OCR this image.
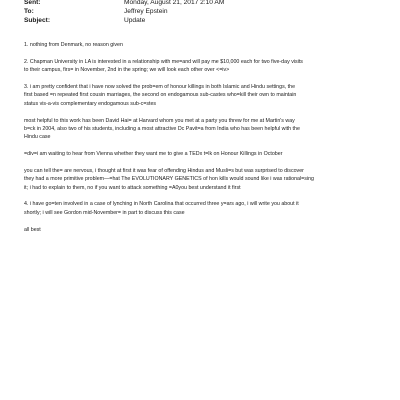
Sent:	Monday, August 21, 2017 2:10 AM
To:	Jeffrey Epstein
Subject:	Update

1. nothing from Denmark, no reason given

2. Chapman University in LA is interested in a relationship with me=and will pay me $10,000 each for two five-day visits
to their campus, firs= in November, 2nd in the spring; we will look each other over <=iv>

3. i am pretty confident that i have now solved the prob=em of honour killings in both Islamic and Hindu settings, the
first based =n repeated first cousin marriages, the second on endogamous sub-castes who=kill their own to maintain
status vis-a-vis complementary endogamous sub-c=stes

most helpful to this work has been David Hai= at Harvard whom you met at a party you threw for me at Martin's way
b=ck in 2004, also two of his students, including a most attractive Dc Pavit=a from India who has been helpful with the
Hindu case

=div=i am waiting to hear from Vienna whether they want me to give a TEDx t=lk on Honour Killings in October

you can tell the= are nervous, i thought at first it was fear of offending Hindus and Musli=s but was surprised to discover
they had a more primitive problem—=hat The EVOLUTIONARY GENETICS of hon kills would sound like i was rational=sing
it; i had to explain to them, no if you want to attack something =A0you best understand it first

4. i have go=ten involved in a case of lynching in North Carolina that occurred three y=ars ago, i will write you about it
shortly; i will see Gordon mid-November= in part to discuss this case

all best
